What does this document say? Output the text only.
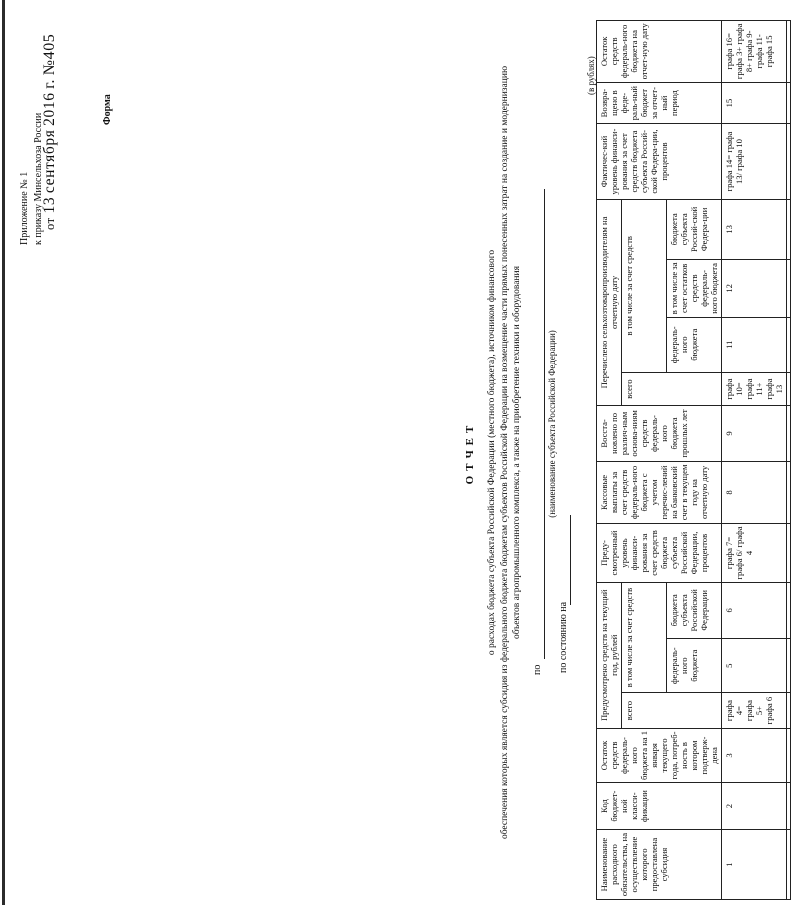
Приложение № 1 к приказу Минсельхоза России от 13 сентября 2016 г. №405
Форма
ОТЧЕТ о расходах бюджета субъекта Российской Федерации (местного бюджета), источником финансового обеспечения которых является субсидия из федерального бюджета бюджетам субъектов Российской Федерации на возмещение части прямых понесенных затрат на создание и модернизацию объектов агропромышленного комплекса, а также на приобретение техники и оборудования
по
(наименование субъекта Российской Федерации)
по состоянию на
(в рублях)
Наименование расходного обязательства, на осуществление которого предоставлена субсидия	Код бюджет-ной класси-фикации	Остаток средств федераль-ного бюджета на 1 января текущего года, потреб-ность в котором подтверж-дена	Предусмотрено средств на текущий год, рублей			Преду-смотренный уровень финанси-рования за счет средств бюджета субъекта Российской Федерации, процентов	Кассовые выплаты за счет средств федераль-ного бюджета с учетом перечис-лений на банковский счет в текущем году на отчетную дату	Восста-новлено по различ-ным основа-ниям средств федераль-ного бюджета прошлых лет	Перечислено сельхозтоваропроизводителям на отчетную дату				Фактичес-кий уровень финанси-рования за счет средств бюджета субъекта Россий-ской Федера-ции, процентов	Возвра-щено в феде-раль-ный бюджет за отчет-ный период	Остаток средств федераль-ного бюджета на отчет-ную дату
			всего	в том числе за счет средств					всего	в том числе за счет средств					
				федераль-ного бюджета	бюджета субъекта Российской Федерации					федераль-ного бюджета	в том числе за счет остатков средств федераль-ного бюджета	бюджета субъекта Россий-ской Федера-ции			
1	2	3	графа 4= графа 5+ графа 6	5	6	графа 7= графа 6/ графа 4	8	9	графа 10= графа 11+ графа 13	11	12	13	графа 14= графа 13/ графа 10	15	графа 16= графа 3+ графа 8+ графа 9- графа 11- графа 15
